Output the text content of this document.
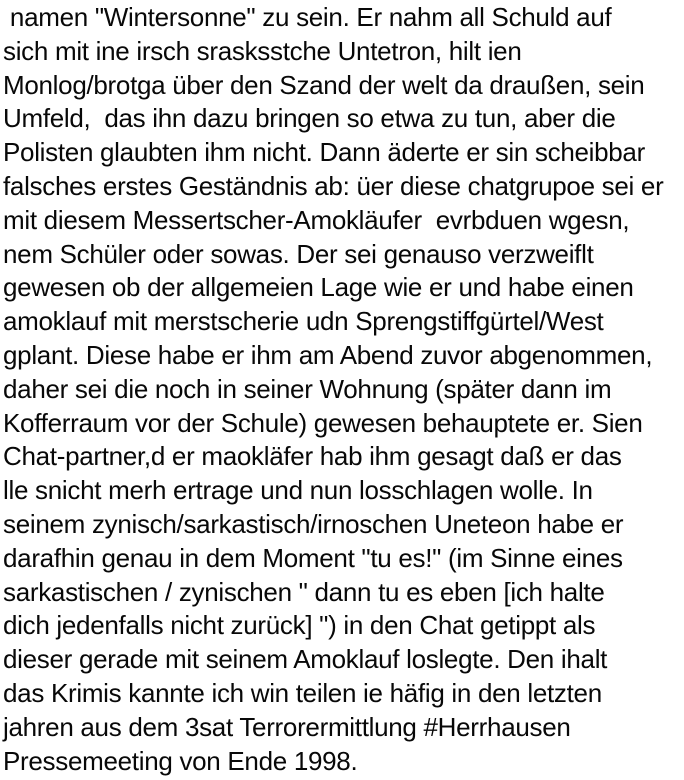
namen "Wintersonne" zu sein. Er nahm all Schuld auf
sich mit ine irsch srasksstche Untetron, hilt ien
Monlog/brotga über den Szand der welt da draußen, sein
Umfeld,  das ihn dazu bringen so etwa zu tun, aber die
Polisten glaubten ihm nicht. Dann äderte er sin scheibbar
falsches erstes Geständnis ab: üer diese chatgrupoe sei er
mit diesem Messertscher-Amokläufer  evrbduen wgesn,
nem Schüler oder sowas. Der sei genauso verzweiflt
gewesen ob der allgemeien Lage wie er und habe einen
amoklauf mit merstscherie udn Sprengstiffgürtel/West
gplant. Diese habe er ihm am Abend zuvor abgenommen,
daher sei die noch in seiner Wohnung (später dann im
Kofferraum vor der Schule) gewesen behauptete er. Sien
Chat-partner,d er maokläfer hab ihm gesagt daß er das
lle snicht merh ertrage und nun losschlagen wolle. In
seinem zynisch/sarkastisch/irnoschen Uneteon habe er
darafhin genau in dem Moment "tu es!" (im Sinne eines
sarkastischen / zynischen " dann tu es eben [ich halte
dich jedenfalls nicht zurück] ") in den Chat getippt als
dieser gerade mit seinem Amoklauf loslegte. Den ihalt
das Krimis kannte ich win teilen ie häfig in den letzten
jahren aus dem 3sat Terrorermittlung #Herrhausen
Pressemeeting von Ende 1998.
